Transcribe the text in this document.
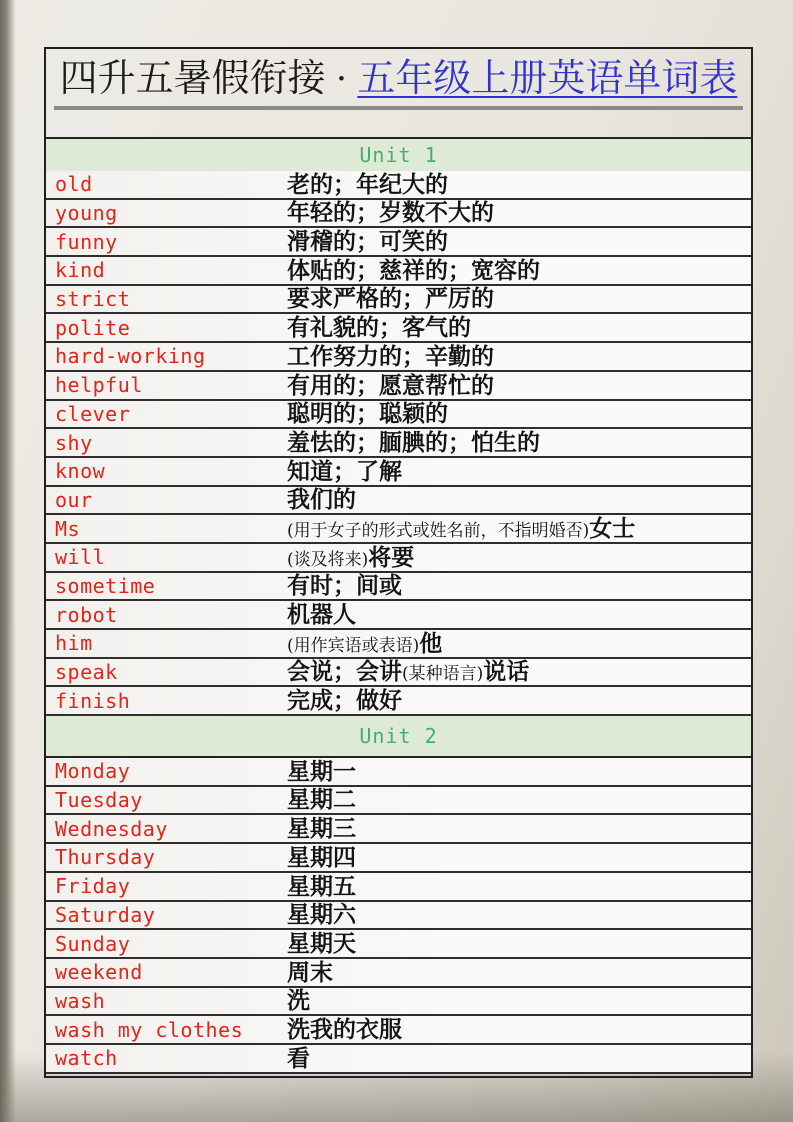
四升五暑假衔接 · 五年级上册英语单词表
Unit 1
old	老的；年纪大的
young	年轻的；岁数不大的
funny	滑稽的；可笑的
kind	体贴的；慈祥的；宽容的
strict	要求严格的；严厉的
polite	有礼貌的；客气的
hard-working	工作努力的；辛勤的
helpful	有用的；愿意帮忙的
clever	聪明的；聪颖的
shy	羞怯的；腼腆的；怕生的
know	知道；了解
our	我们的
Ms	(用于女子的形式或姓名前，不指明婚否)女士
will	(谈及将来)将要
sometime	有时；间或
robot	机器人
him	(用作宾语或表语)他
speak	会说；会讲(某种语言)说话
finish	完成；做好
Unit 2
Monday	星期一
Tuesday	星期二
Wednesday	星期三
Thursday	星期四
Friday	星期五
Saturday	星期六
Sunday	星期天
weekend	周末
wash	洗
wash my clothes	洗我的衣服
watch	看
